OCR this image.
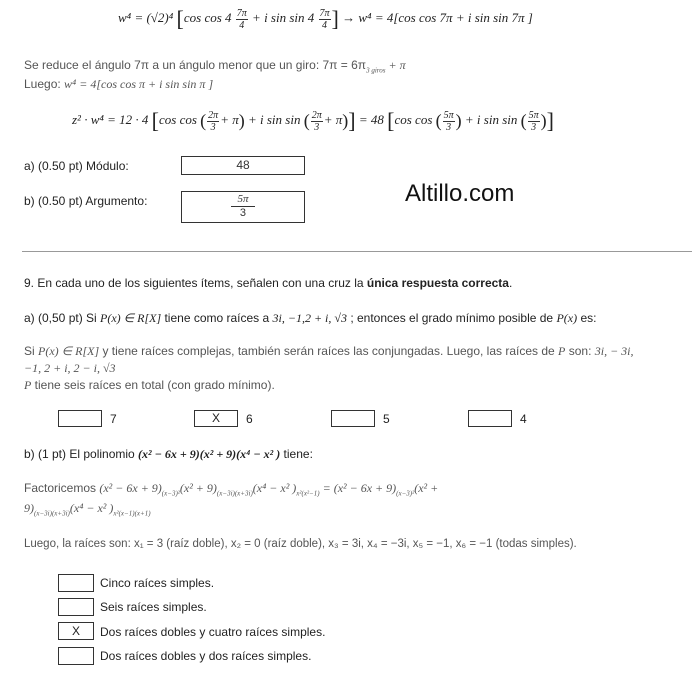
w⁴ = (√2)⁴ [cos $\cos 4 \frac{7\pi}{4} + i$ $\sin \sin 4 \frac{7\pi}{4}$ ] → w⁴ = 4[cos cos 7π + i sin sin 7π ]
Se reduce el ángulo 7π a un ángulo menor que un giro: $7\pi = 6\pi_{3 giros} + \pi$
Luego: w⁴ = 4[cos cos π + i sin sin π ]
z² · w⁴ = 12 · 4 [cos cos ( $\frac{2\pi}{3} + \pi) + i$ sin sin ( $\frac{2\pi}{3} + \pi)] = 48$ [cos cos ( $\frac{5\pi}{3}$ ) + i sin sin ( $\frac{5\pi}{3}$ )]
a) (0.50 pt) Módulo:	48
b) (0.50 pt) Argumento:	$\frac{5\pi}{3}$	Altillo.com
9. En cada uno de los siguientes ítems, señalen con una cruz la única respuesta correcta.
a) (0,50 pt) Si P(x) ∈ R[X] tiene como raíces a 3i, −1,2 + i, √3 ; entonces el grado mínimo posible de P(x) es:
Si P(x) ∈ R[X] y tiene raíces complejas, también serán raíces las conjungadas. Luego, las raíces de P son: 3i, − 3i,
−1, 2 + i, 2 − i, √3
P tiene seis raíces en total (con grado mínimo).
7	X	6	5	4
b) (1 pt) El polinomio (x² − 6x + 9)(x² + 9)(x⁴ − x² ) tiene:
Factoricemos $(x^2 - 6x + 9)_{(x-3)^2}(x^2 + 9)_{(x-3i)(x+3i)}(x^4 - x^2$ )$_{x^2(x^2-1)} = (x^2 - 6x + 9)_{(x-3)^2}(x^2$ +
$9)_{(x-3i)(x+3i)}(x^4 - x^2$ )$_{x^2(x-1)(x+1)}$
Luego, la raíces son: x₁ = 3 (raíz doble), x₂ = 0 (raíz doble), x₃ = 3i, x₄ = −3i, x₅ = −1, x₆ = −1 (todas simples).
Cinco raíces simples.
Seis raíces simples.
X	Dos raíces dobles y cuatro raíces simples.
Dos raíces dobles y dos raíces simples.
